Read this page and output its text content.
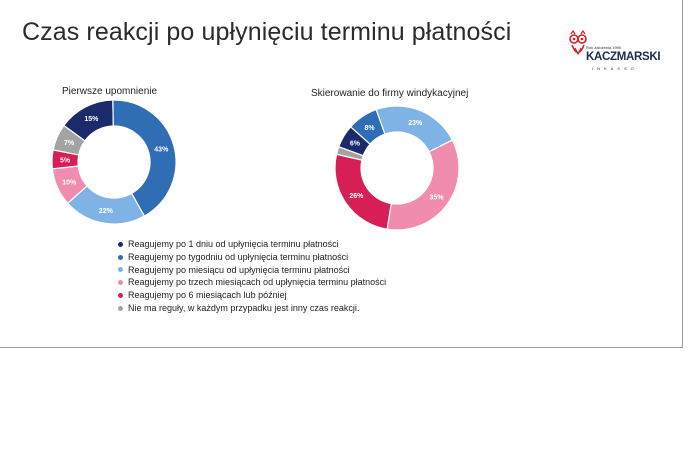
Czas reakcji po upłynięciu terminu płatności
Rok założenia 1990
KACZMARSKI
INKASSO
Pierwsze upomnienie	Skierowanie do firmy windykacyjnej
15%
43%
22%
10%
5%
7%	6%
8%
23%
35%
26%
Reagujemy po 1 dniu od upłynięcia terminu płatności
Reagujemy po tygodniu od upłynięcia terminu płatności
Reagujemy po miesiącu od upłynięcia terminu płatności
Reagujemy po trzech miesiącach od upłynięcia terminu płatności
Reagujemy po 6 miesiącach lub później
Nie ma reguły, w każdym przypadku jest inny czas reakcji.
